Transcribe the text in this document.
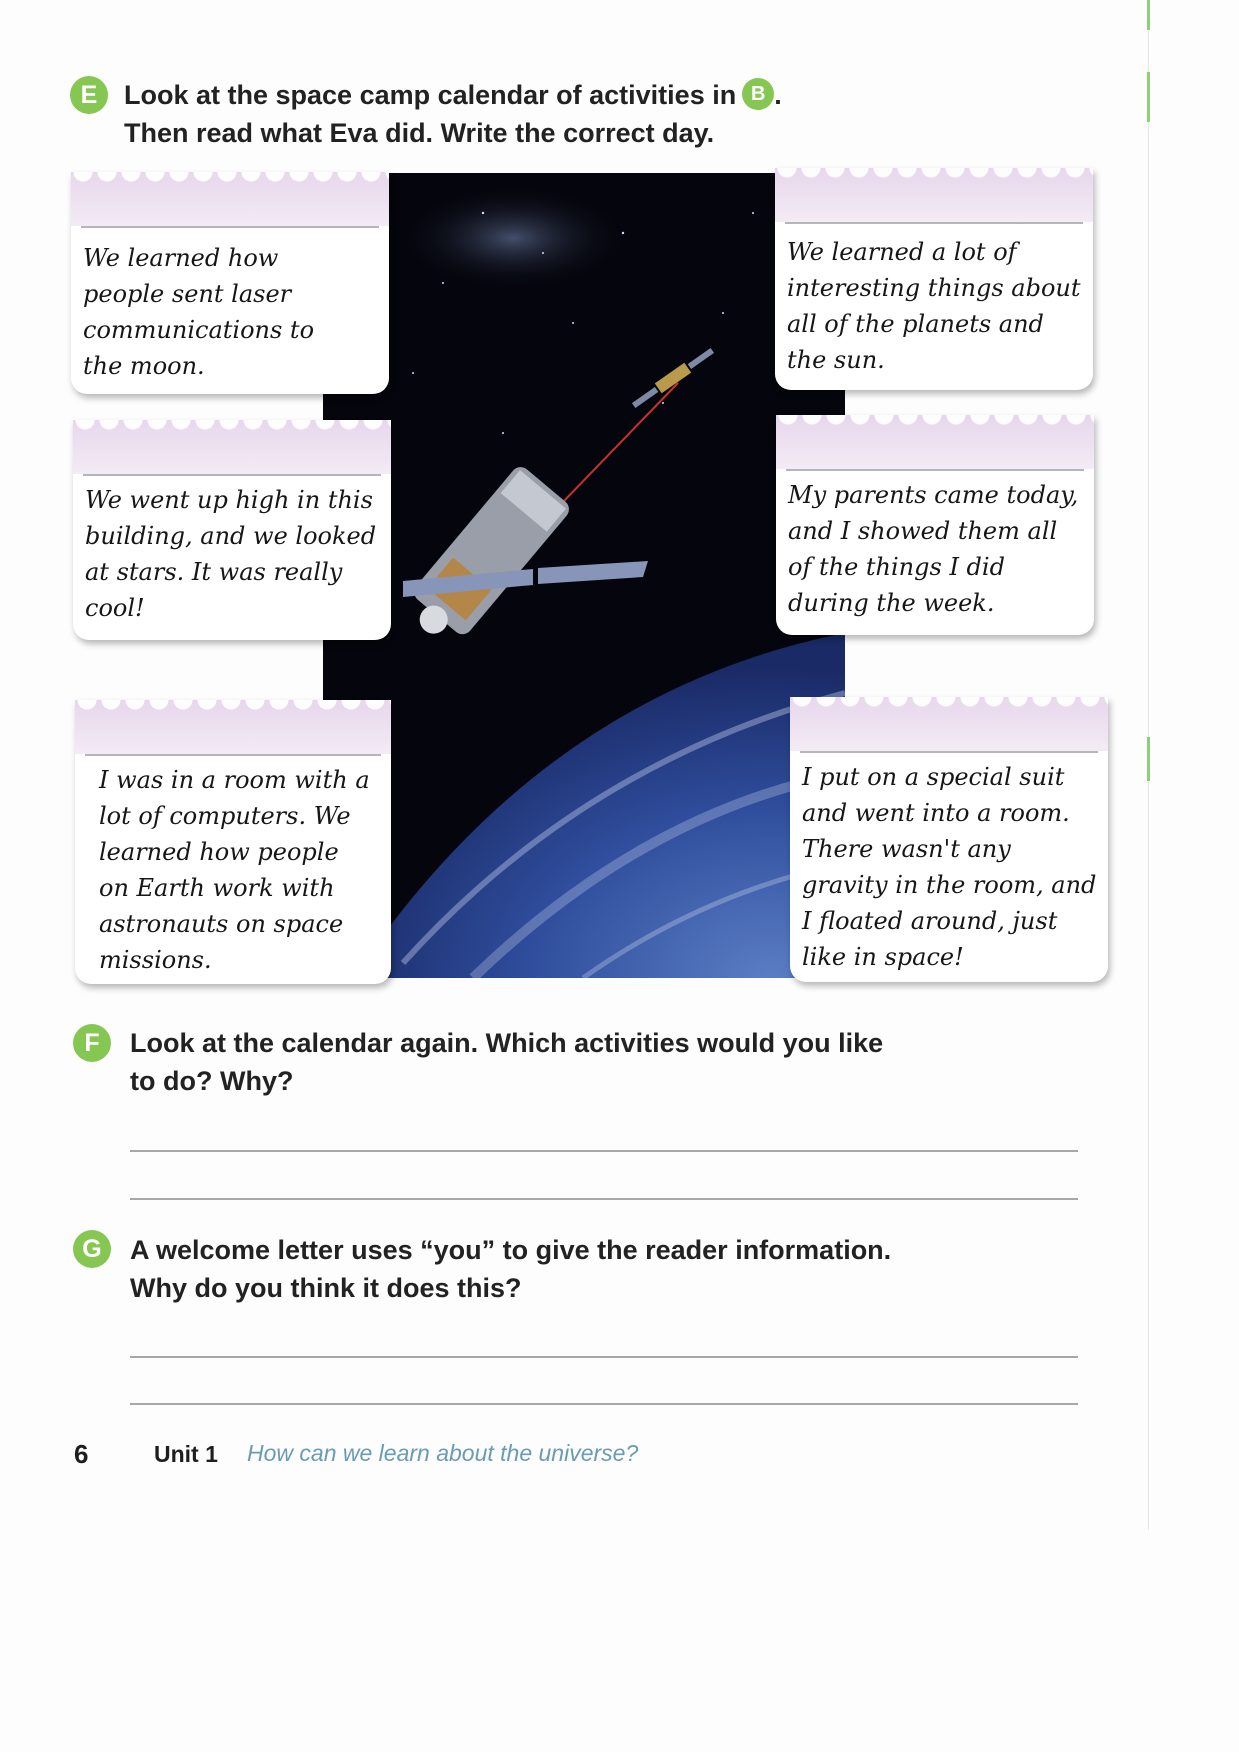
E Look at the space camp calendar of activities in B .
Then read what Eva did. Write the correct day.
We learned how
people sent laser
communications to
the moon.
We learned a lot of
interesting things about
all of the planets and
the sun.
We went up high in this
building, and we looked
at stars. It was really
cool!
My parents came today,
and I showed them all
of the things I did
during the week.
I was in a room with a
lot of computers. We
learned how people
on Earth work with
astronauts on space
missions.
I put on a special suit
and went into a room.
There wasn't any
gravity in the room, and
I floated around, just
like in space!
F	Look at the calendar again. Which activities would you like
to do? Why?
G	A welcome letter uses “you” to give the reader information.
Why do you think it does this?
6	Unit 1 How can we learn about the universe?
